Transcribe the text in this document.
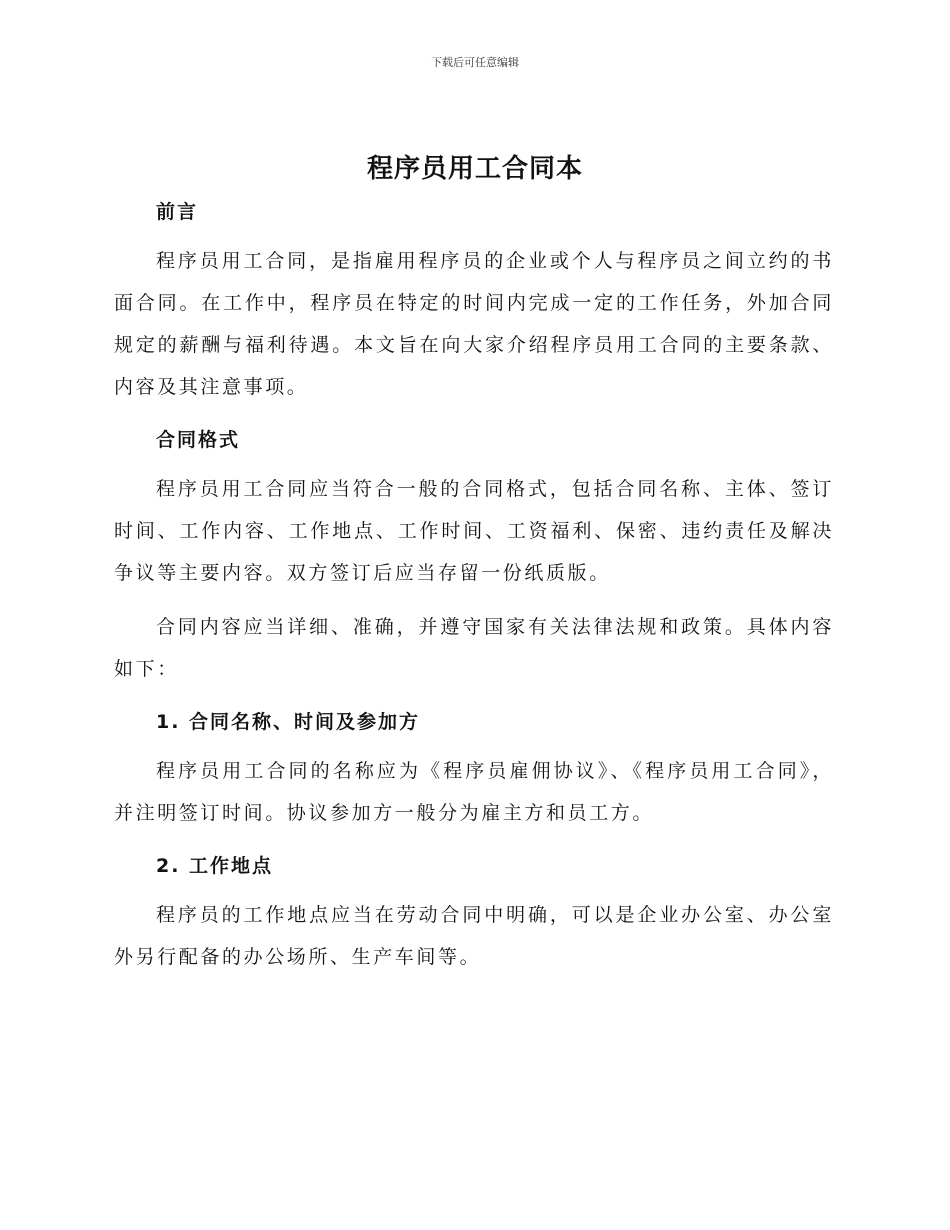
下载后可任意编辑
程序员用工合同本

前言

程序员用工合同，是指雇用程序员的企业或个人与程序员之间立约的书面合同。在工作中，程序员在特定的时间内完成一定的工作任务，外加合同规定的薪酬与福利待遇。本文旨在向大家介绍程序员用工合同的主要条款、内容及其注意事项。

合同格式

程序员用工合同应当符合一般的合同格式，包括合同名称、主体、签订时间、工作内容、工作地点、工作时间、工资福利、保密、违约责任及解决争议等主要内容。双方签订后应当存留一份纸质版。

合同内容应当详细、准确，并遵守国家有关法律法规和政策。具体内容如下：

1. 合同名称、时间及参加方

程序员用工合同的名称应为《程序员雇佣协议》、《程序员用工合同》，并注明签订时间。协议参加方一般分为雇主方和员工方。

2. 工作地点

程序员的工作地点应当在劳动合同中明确，可以是企业办公室、办公室外另行配备的办公场所、生产车间等。
